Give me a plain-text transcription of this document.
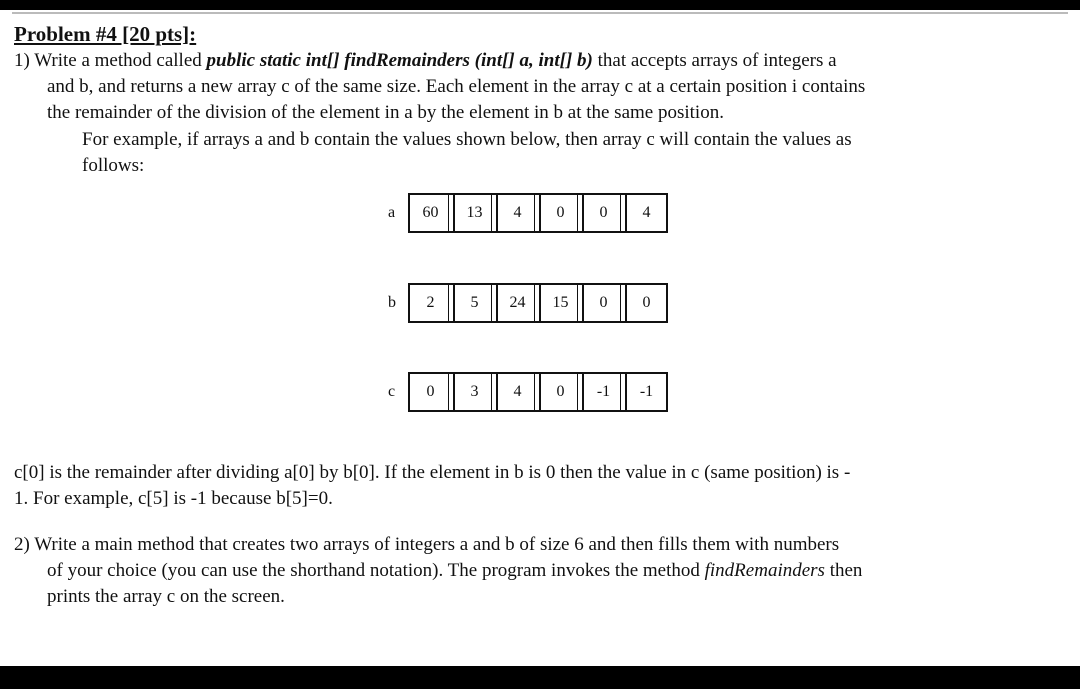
Problem #4 [20 pts]:
1) Write a method called public static int[] findRemainders (int[] a, int[] b) that accepts arrays of integers a
and b, and returns a new array c of the same size. Each element in the array c at a certain position i contains
the remainder of the division of the element in a by the element in b at the same position.
For example, if arrays a and b contain the values shown below, then array c will contain the values as
follows:
a	60	13	4	0	0	4
b	2	5	24	15	0	0
c	0	3	4	0	-1	-1
c[0] is the remainder after dividing a[0] by b[0]. If the element in b is 0 then the value in c (same position) is -
1. For example, c[5] is -1 because b[5]=0.
2) Write a main method that creates two arrays of integers a and b of size 6 and then fills them with numbers
of your choice (you can use the shorthand notation). The program invokes the method findRemainders then
prints the array c on the screen.
